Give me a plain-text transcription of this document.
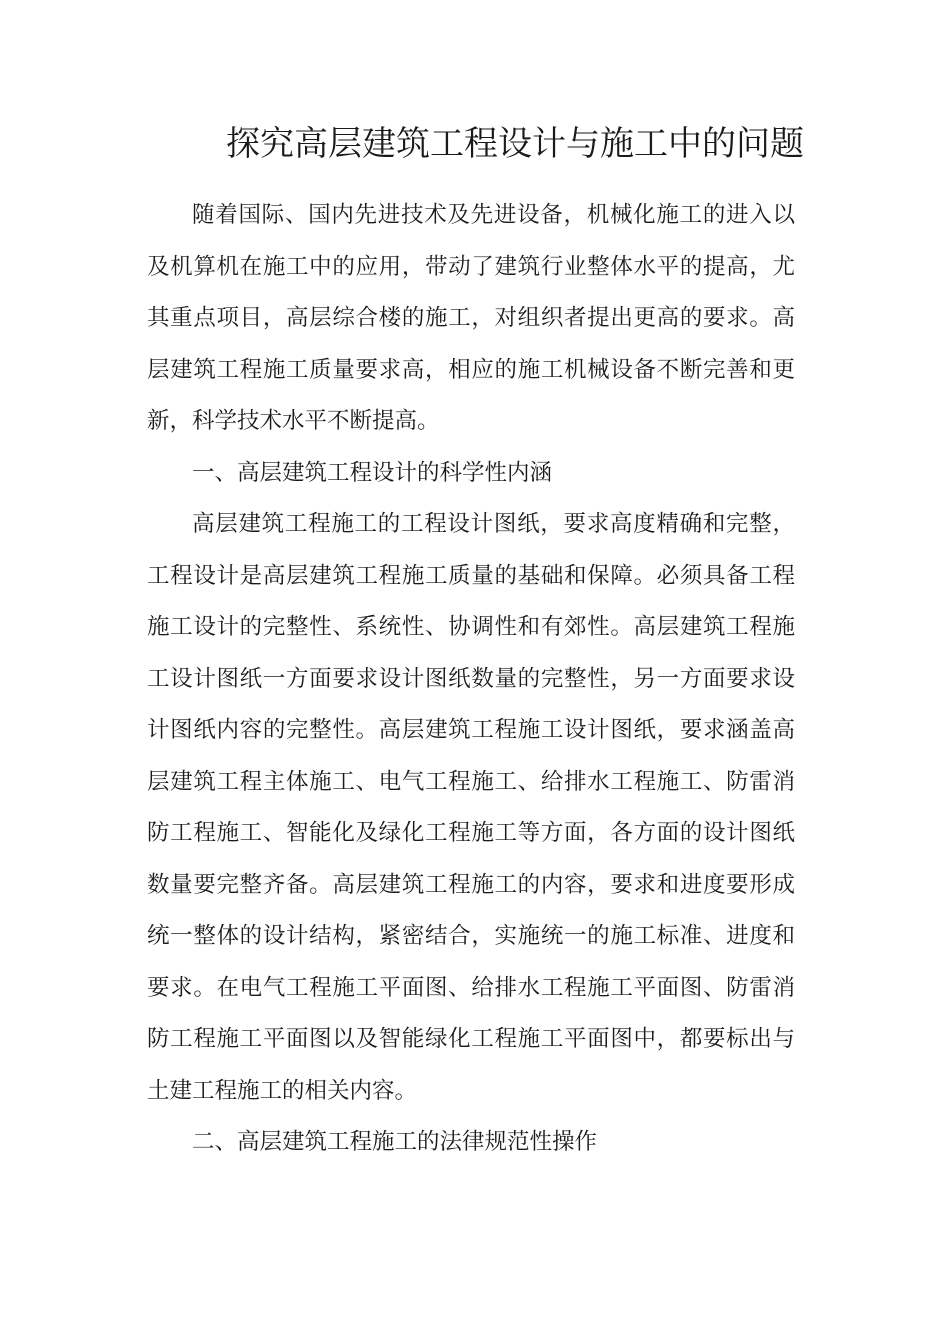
探究高层建筑工程设计与施工中的问题

随着国际、国内先进技术及先进设备，机械化施工的进入以及机算机在施工中的应用，带动了建筑行业整体水平的提高，尤其重点项目，高层综合楼的施工，对组织者提出更高的要求。高层建筑工程施工质量要求高，相应的施工机械设备不断完善和更新，科学技术水平不断提高。

一、高层建筑工程设计的科学性内涵

高层建筑工程施工的工程设计图纸，要求高度精确和完整，工程设计是高层建筑工程施工质量的基础和保障。必须具备工程施工设计的完整性、系统性、协调性和有郊性。高层建筑工程施工设计图纸一方面要求设计图纸数量的完整性，另一方面要求设计图纸内容的完整性。高层建筑工程施工设计图纸，要求涵盖高层建筑工程主体施工、电气工程施工、给排水工程施工、防雷消防工程施工、智能化及绿化工程施工等方面，各方面的设计图纸数量要完整齐备。高层建筑工程施工的内容，要求和进度要形成统一整体的设计结构，紧密结合，实施统一的施工标准、进度和要求。在电气工程施工平面图、给排水工程施工平面图、防雷消防工程施工平面图以及智能绿化工程施工平面图中，都要标出与土建工程施工的相关内容。

二、高层建筑工程施工的法律规范性操作
